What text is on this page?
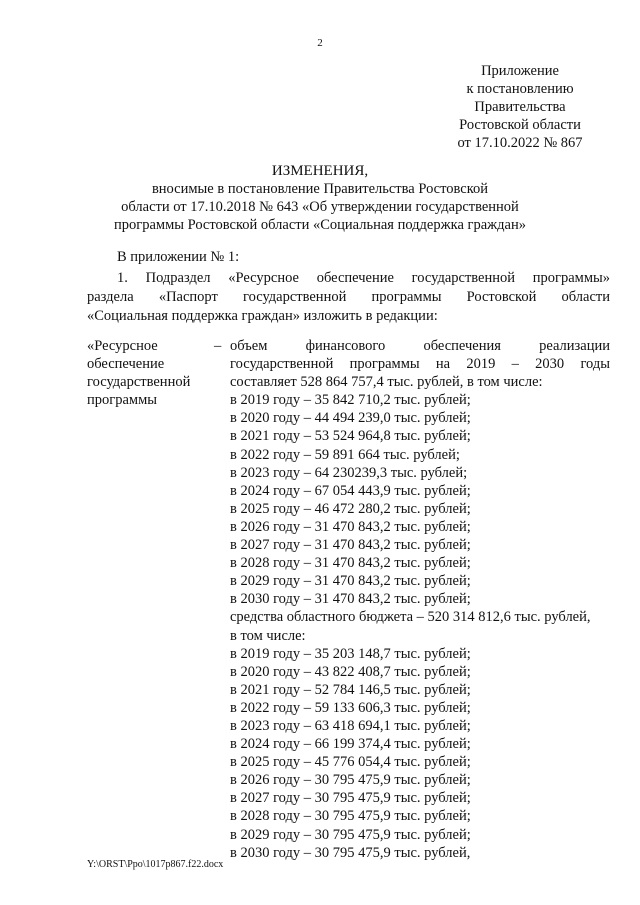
2
Приложение
к постановлению
Правительства
Ростовской области
от 17.10.2022 № 867
ИЗМЕНЕНИЯ,
вносимые в постановление Правительства Ростовской
области от 17.10.2018 № 643 «Об утверждении государственной
программы Ростовской области «Социальная поддержка граждан»
В приложении № 1:
1. Подраздел «Ресурсное обеспечение государственной программы»
раздела «Паспорт государственной программы Ростовской области
«Социальная поддержка граждан» изложить в редакции:
«Ресурсное
обеспечение
государственной
программы
– объем финансового обеспечения реализации
государственной программы на 2019 – 2030 годы
составляет 528 864 757,4 тыс. рублей, в том числе:
в 2019 году – 35 842 710,2 тыс. рублей;
в 2020 году – 44 494 239,0 тыс. рублей;
в 2021 году – 53 524 964,8 тыс. рублей;
в 2022 году – 59 891 664 тыс. рублей;
в 2023 году – 64 230239,3 тыс. рублей;
в 2024 году – 67 054 443,9 тыс. рублей;
в 2025 году – 46 472 280,2 тыс. рублей;
в 2026 году – 31 470 843,2 тыс. рублей;
в 2027 году – 31 470 843,2 тыс. рублей;
в 2028 году – 31 470 843,2 тыс. рублей;
в 2029 году – 31 470 843,2 тыс. рублей;
в 2030 году – 31 470 843,2 тыс. рублей;
средства областного бюджета – 520 314 812,6 тыс. рублей,
в том числе:
в 2019 году – 35 203 148,7 тыс. рублей;
в 2020 году – 43 822 408,7 тыс. рублей;
в 2021 году – 52 784 146,5 тыс. рублей;
в 2022 году – 59 133 606,3 тыс. рублей;
в 2023 году – 63 418 694,1 тыс. рублей;
в 2024 году – 66 199 374,4 тыс. рублей;
в 2025 году – 45 776 054,4 тыс. рублей;
в 2026 году – 30 795 475,9 тыс. рублей;
в 2027 году – 30 795 475,9 тыс. рублей;
в 2028 году – 30 795 475,9 тыс. рублей;
в 2029 году – 30 795 475,9 тыс. рублей;
в 2030 году – 30 795 475,9 тыс. рублей,
Y:\ORST\Ppo\1017p867.f22.docx
